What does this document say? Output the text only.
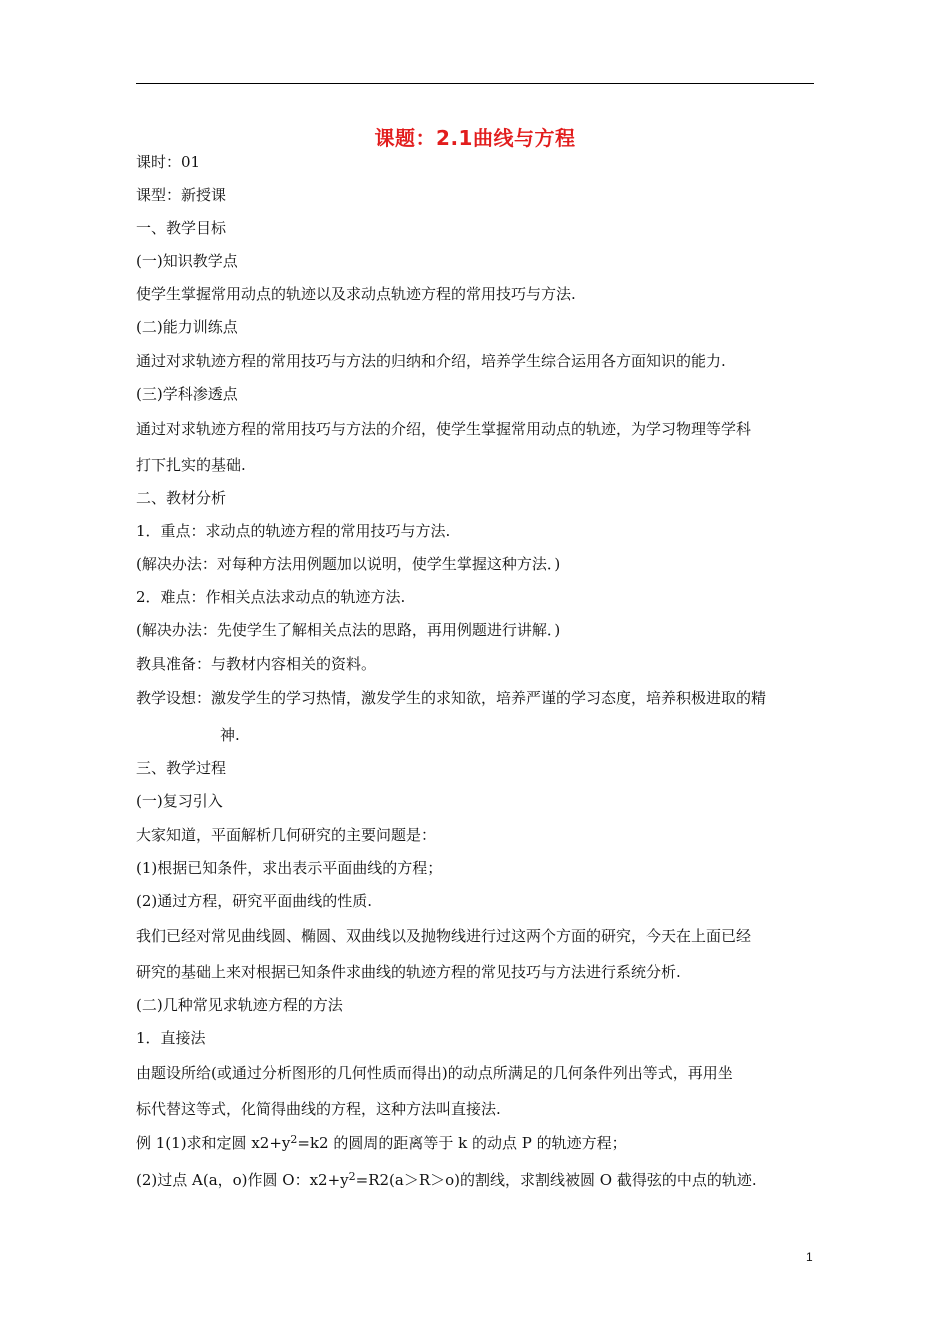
课题：2.1曲线与方程
课时：01
课型：新授课
一、教学目标
(一)知识教学点
使学生掌握常用动点的轨迹以及求动点轨迹方程的常用技巧与方法.
(二)能力训练点
通过对求轨迹方程的常用技巧与方法的归纳和介绍，培养学生综合运用各方面知识的能力.
(三)学科渗透点
通过对求轨迹方程的常用技巧与方法的介绍，使学生掌握常用动点的轨迹，为学习物理等学科
打下扎实的基础.
二、教材分析
1．重点：求动点的轨迹方程的常用技巧与方法.
(解决办法：对每种方法用例题加以说明，使学生掌握这种方法．)
2．难点：作相关点法求动点的轨迹方法.
(解决办法：先使学生了解相关点法的思路，再用例题进行讲解．)
教具准备：与教材内容相关的资料。
教学设想：激发学生的学习热情，激发学生的求知欲，培养严谨的学习态度，培养积极进取的精
神.
三、教学过程
(一)复习引入
大家知道，平面解析几何研究的主要问题是：
(1)根据已知条件，求出表示平面曲线的方程；
(2)通过方程，研究平面曲线的性质.
我们已经对常见曲线圆、椭圆、双曲线以及抛物线进行过这两个方面的研究，今天在上面已经
研究的基础上来对根据已知条件求曲线的轨迹方程的常见技巧与方法进行系统分析.
(二)几种常见求轨迹方程的方法
1．直接法
由题设所给(或通过分析图形的几何性质而得出)的动点所满足的几何条件列出等式，再用坐
标代替这等式，化简得曲线的方程，这种方法叫直接法.
例 1(1)求和定圆 $x2+y^2=k2$ 的圆周的距离等于 k 的动点 P 的轨迹方程；
(2)过点 A(a，o)作圆 O：$x2+y^2=R2(a>R>o)$的割线，求割线被圆 O 截得弦的中点的轨迹.
1
